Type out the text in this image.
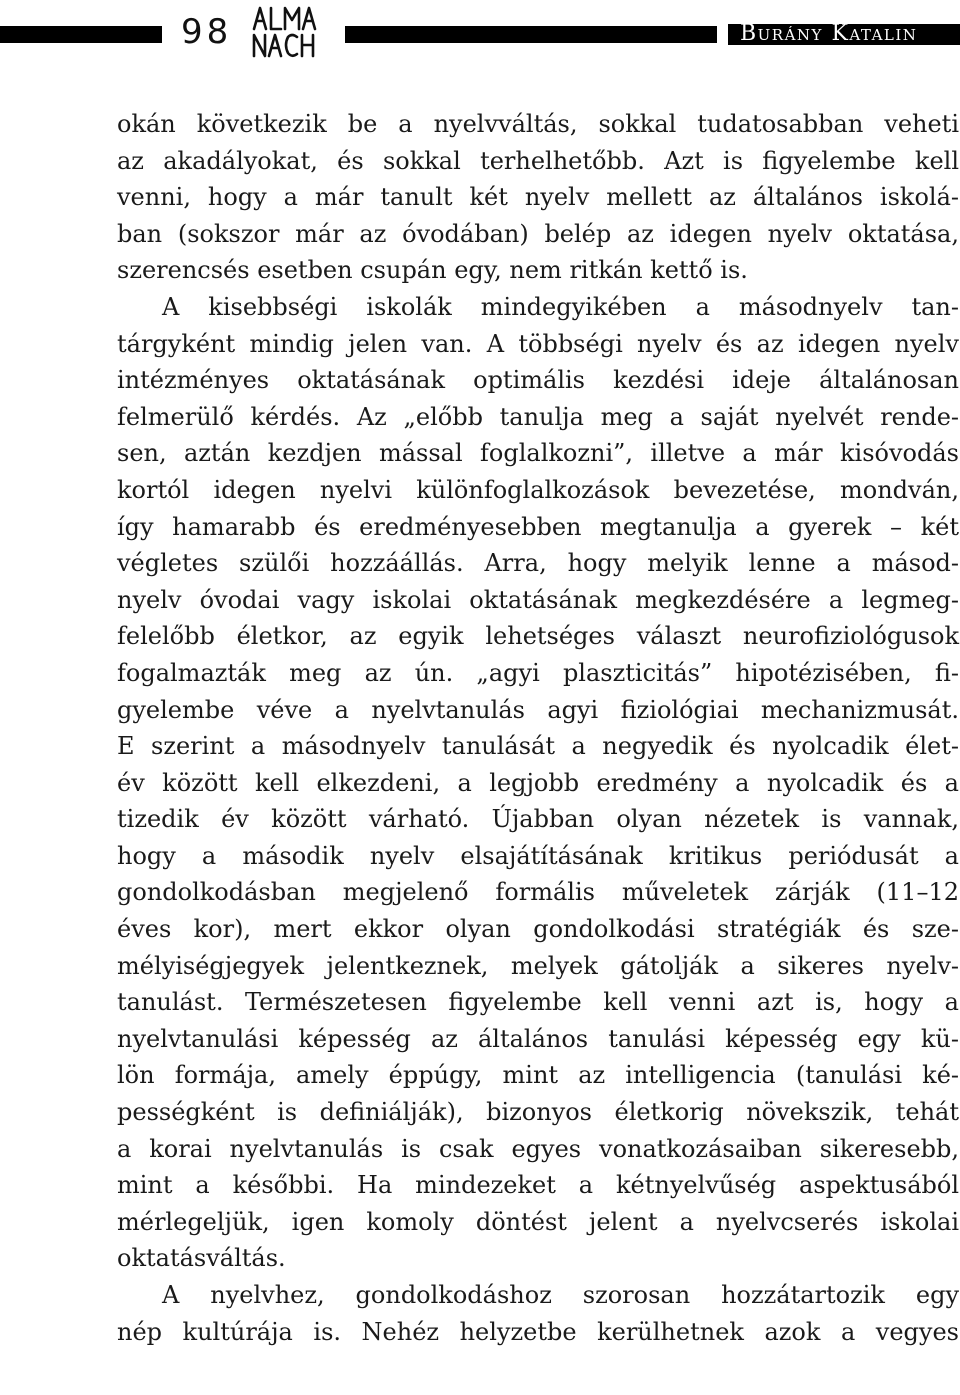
98	Burány Katalin
okán következik be a nyelvváltás, sokkal tudatosabban veheti
az akadályokat, és sokkal terhelhetőbb. Azt is figyelembe kell
venni, hogy a már tanult két nyelv mellett az általános iskolá-
ban (sokszor már az óvodában) belép az idegen nyelv oktatása,
szerencsés esetben csupán egy, nem ritkán kettő is.
A kisebbségi iskolák mindegyikében a másodnyelv tan-
tárgyként mindig jelen van. A többségi nyelv és az idegen nyelv
intézményes oktatásának optimális kezdési ideje általánosan
felmerülő kérdés. Az „előbb tanulja meg a saját nyelvét rende-
sen, aztán kezdjen mással foglalkozni”, illetve a már kisóvodás
kortól idegen nyelvi különfoglalkozások bevezetése, mondván,
így hamarabb és eredményesebben megtanulja a gyerek – két
végletes szülői hozzáállás. Arra, hogy melyik lenne a másod-
nyelv óvodai vagy iskolai oktatásának megkezdésére a legmeg-
felelőbb életkor, az egyik lehetséges választ neurofiziológusok
fogalmazták meg az ún. „agyi plaszticitás” hipotézisében, fi-
gyelembe véve a nyelvtanulás agyi fiziológiai mechanizmusát.
E szerint a másodnyelv tanulását a negyedik és nyolcadik élet-
év között kell elkezdeni, a legjobb eredmény a nyolcadik és a
tizedik év között várható. Újabban olyan nézetek is vannak,
hogy a második nyelv elsajátításának kritikus periódusát a
gondolkodásban megjelenő formális műveletek zárják (11–12
éves kor), mert ekkor olyan gondolkodási stratégiák és sze-
mélyiségjegyek jelentkeznek, melyek gátolják a sikeres nyelv-
tanulást. Természetesen figyelembe kell venni azt is, hogy a
nyelvtanulási képesség az általános tanulási képesség egy kü-
lön formája, amely éppúgy, mint az intelligencia (tanulási ké-
pességként is definiálják), bizonyos életkorig növekszik, tehát
a korai nyelvtanulás is csak egyes vonatkozásaiban sikeresebb,
mint a későbbi. Ha mindezeket a kétnyelvűség aspektusából
mérlegeljük, igen komoly döntést jelent a nyelvcserés iskolai
oktatásváltás.
A nyelvhez, gondolkodáshoz szorosan hozzátartozik egy
nép kultúrája is. Nehéz helyzetbe kerülhetnek azok a vegyes
